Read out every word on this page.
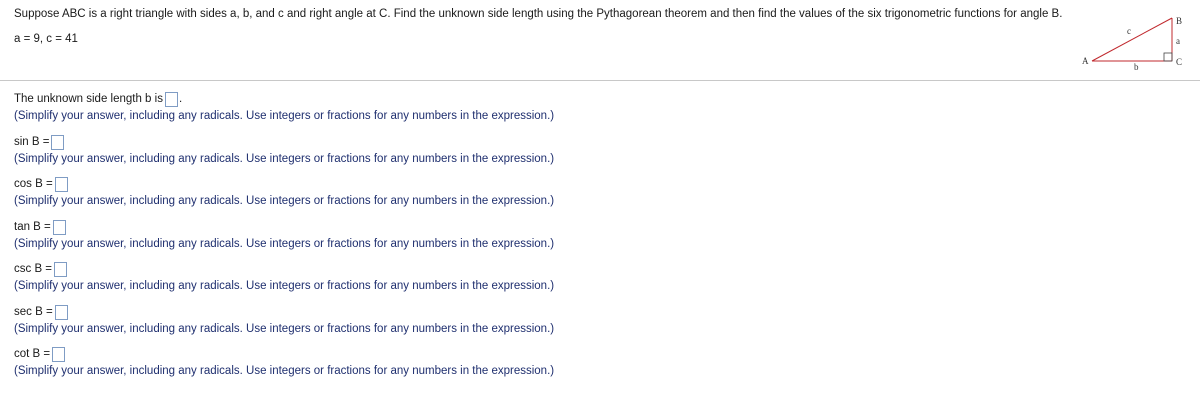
Suppose ABC is a right triangle with sides a, b, and c and right angle at C. Find the unknown side length using the Pythagorean theorem and then find the values of the six trigonometric functions for angle B.
a = 9, c = 41
A
B
C
c
a
b
The unknown side length b is .
(Simplify your answer, including any radicals. Use integers or fractions for any numbers in the expression.)
sin B =
(Simplify your answer, including any radicals. Use integers or fractions for any numbers in the expression.)
cos B =
(Simplify your answer, including any radicals. Use integers or fractions for any numbers in the expression.)
tan B =
(Simplify your answer, including any radicals. Use integers or fractions for any numbers in the expression.)
csc B =
(Simplify your answer, including any radicals. Use integers or fractions for any numbers in the expression.)
sec B =
(Simplify your answer, including any radicals. Use integers or fractions for any numbers in the expression.)
cot B =
(Simplify your answer, including any radicals. Use integers or fractions for any numbers in the expression.)
